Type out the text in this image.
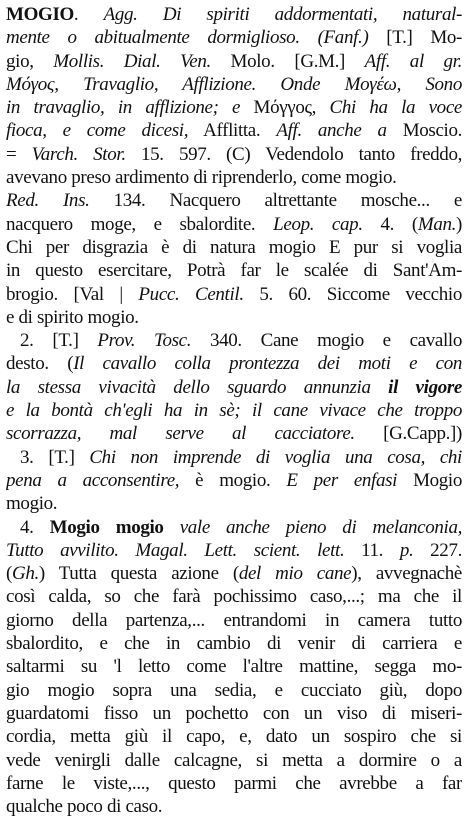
MOGIO. Agg. Di spiriti addormentati, natural-
mente o abitualmente dormiglioso. (Fanf.) [T.] Mo-
gio, Mollis. Dial. Ven. Molo. [G.M.] Aff. al gr.
Μόγος, Travaglio, Afflizione. Onde Μογέω, Sono
in travaglio, in afflizione; e Μόγγος, Chi ha la voce
fioca, e come dicesi, Afflitta. Aff. anche a Moscio.
= Varch. Stor. 15. 597. (C) Vedendolo tanto freddo,
avevano preso ardimento di riprenderlo, come mogio.
Red. Ins. 134. Nacquero altrettante mosche... e
nacquero moge, e sbalordite. Leop. cap. 4. (Man.)
Chi per disgrazia è di natura mogio E pur si voglia
in questo esercitare, Potrà far le scalée di Sant'Am-
brogio. [Val | Pucc. Centil. 5. 60. Siccome vecchio
e di spirito mogio.
2. [T.] Prov. Tosc. 340. Cane mogio e cavallo
desto. (Il cavallo colla prontezza dei moti e con
la stessa vivacità dello sguardo annunzia il vigore
e la bontà ch'egli ha in sè; il cane vivace che troppo
scorrazza, mal serve al cacciatore. [G.Capp.])
3. [T.] Chi non imprende di voglia una cosa, chi
pena a acconsentire, è mogio. E per enfasi Mogio
mogio.
4. Mogio mogio vale anche pieno di melanconia,
Tutto avvilito. Magal. Lett. scient. lett. 11. p. 227.
(Gh.) Tutta questa azione (del mio cane), avvegnachè
così calda, so che farà pochissimo caso,...; ma che il
giorno della partenza,... entrandomi in camera tutto
sbalordito, e che in cambio di venir di carriera e
saltarmi su 'l letto come l'altre mattine, segga mo-
gio mogio sopra una sedia, e cucciato giù, dopo
guardatomi fisso un pochetto con un viso di miseri-
cordia, metta giù il capo, e, dato un sospiro che si
vede venirgli dalle calcagne, si metta a dormire o a
farne le viste,..., questo parmi che avrebbe a far
qualche poco di caso.
